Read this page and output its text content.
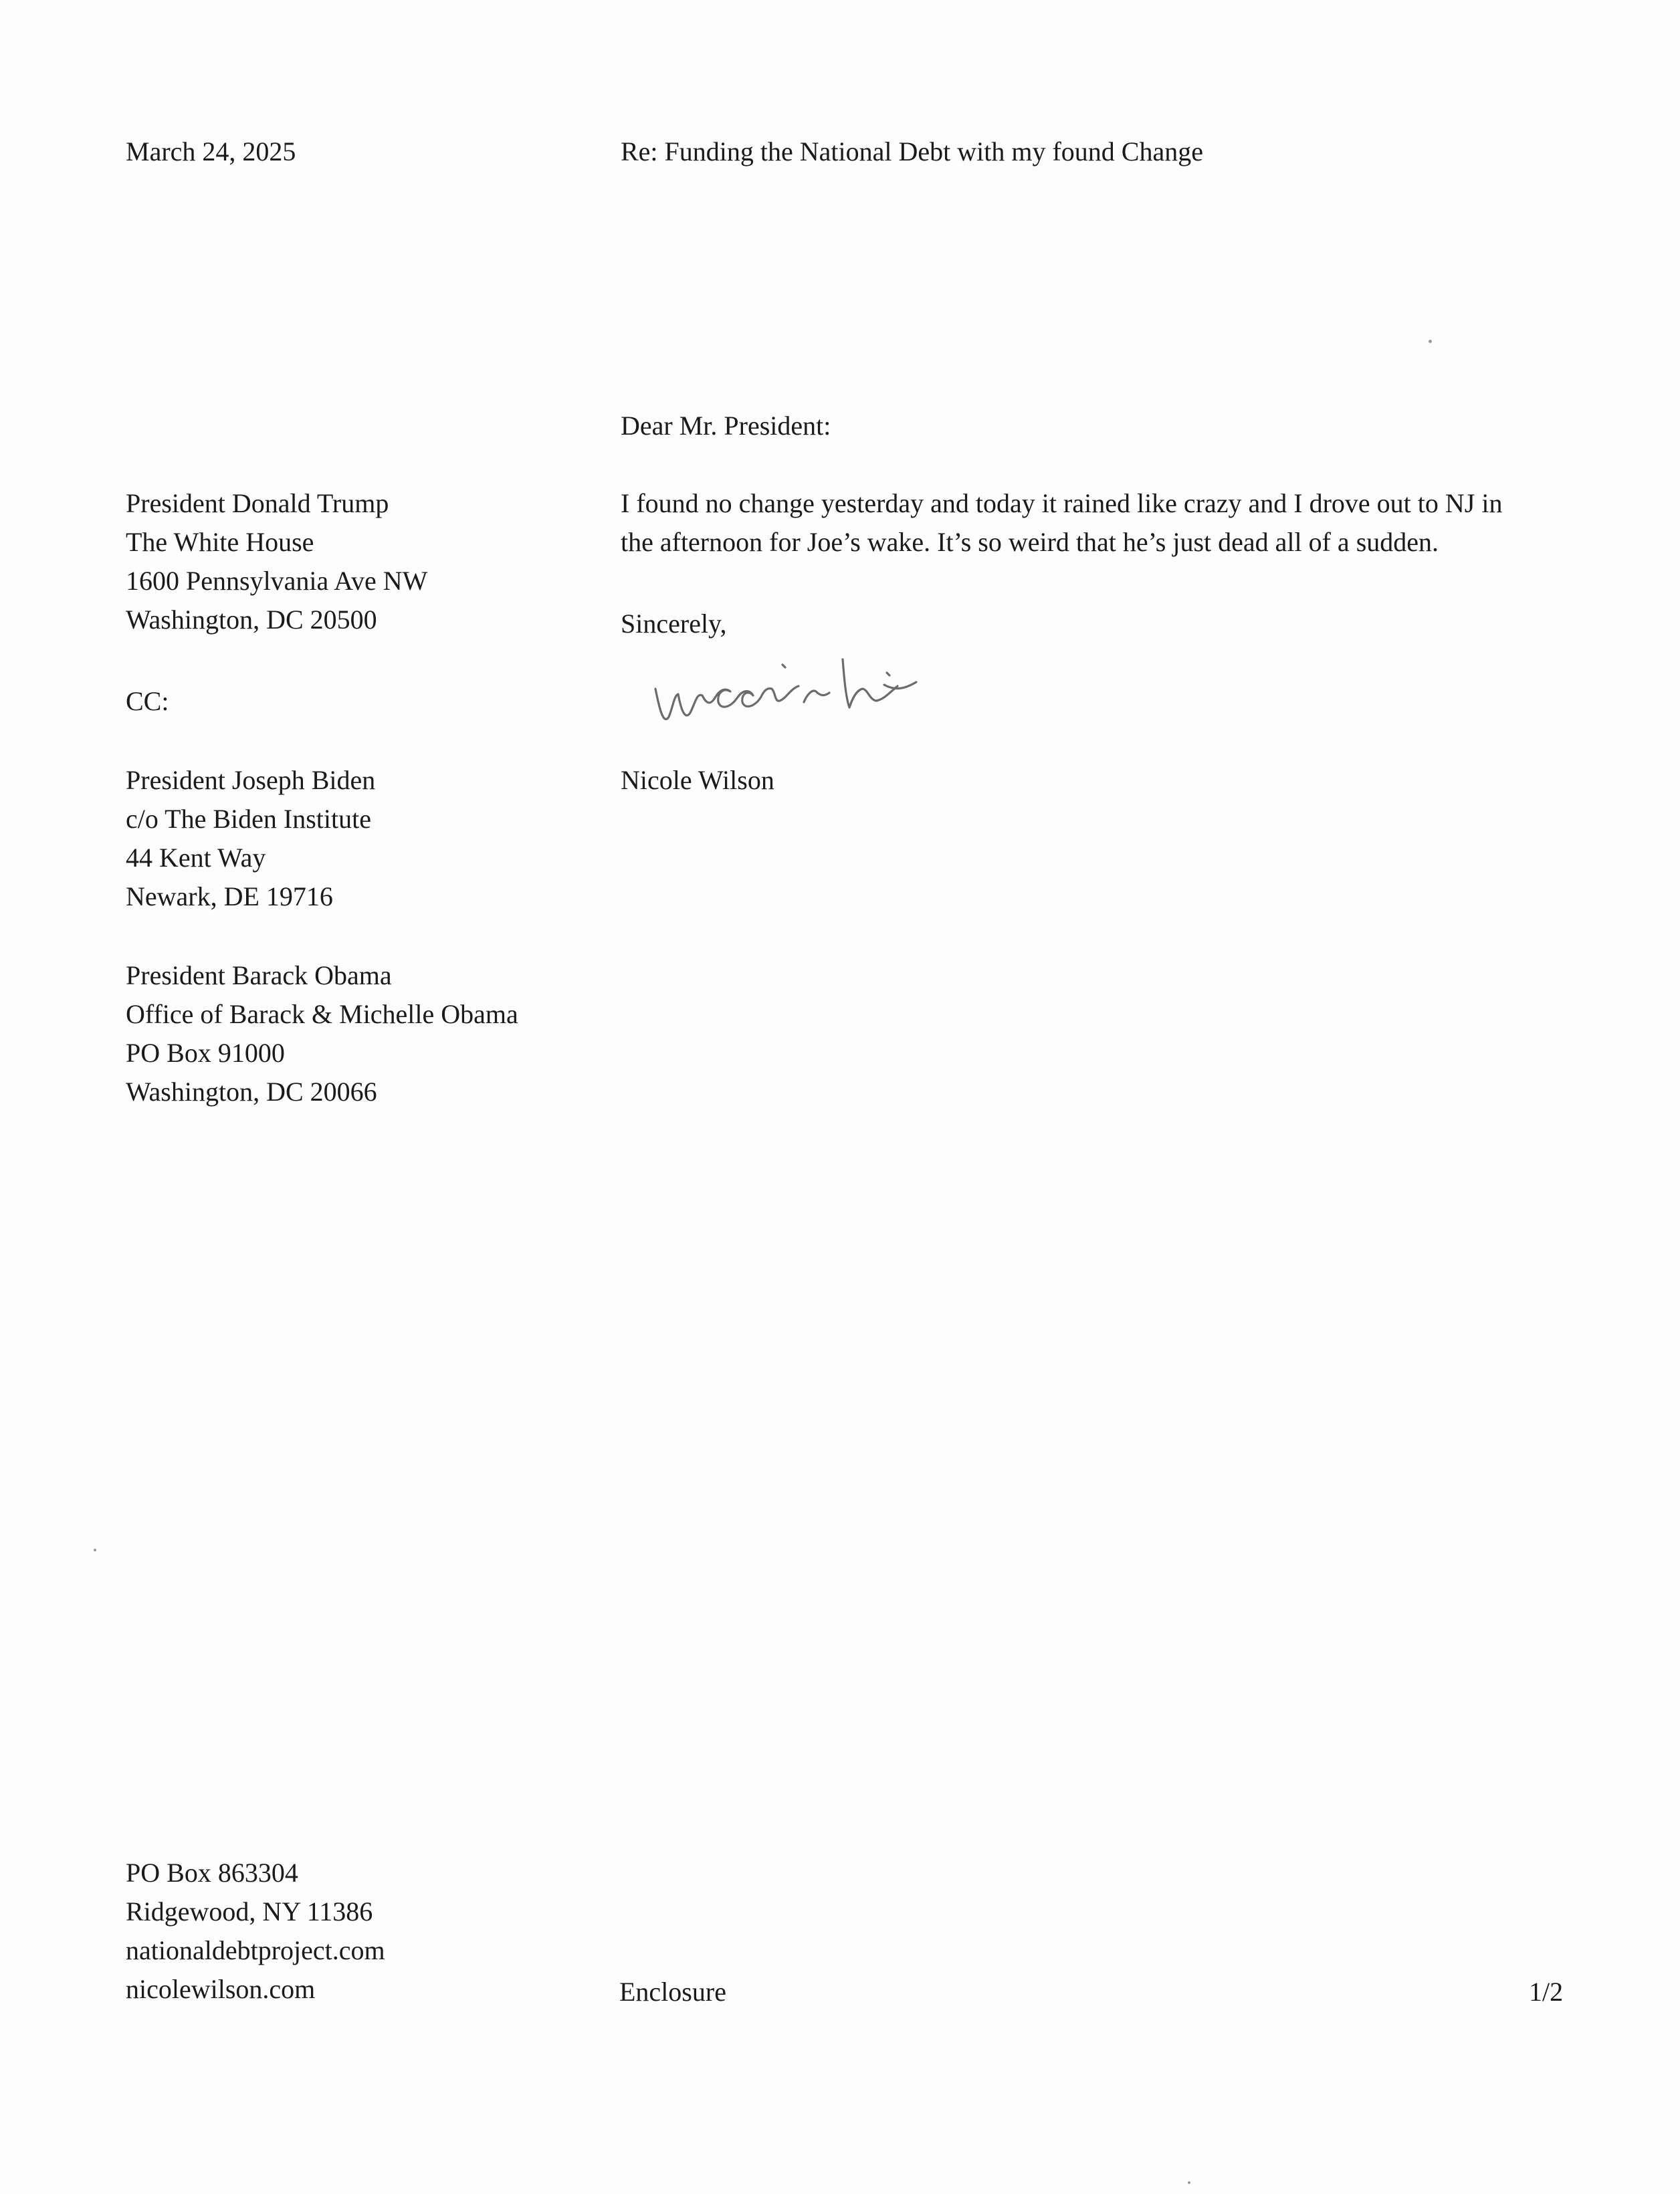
March 24, 2025	Re: Funding the National Debt with my found Change
Dear Mr. President:
President Donald Trump
The White House
1600 Pennsylvania Ave NW
Washington, DC 20500
I found no change yesterday and today it rained like crazy and I drove out to NJ in
the afternoon for Joe’s wake. It’s so weird that he’s just dead all of a sudden.
Sincerely,
Nicole Wilson
CC:
President Joseph Biden
c/o The Biden Institute
44 Kent Way
Newark, DE 19716
President Barack Obama
Office of Barack & Michelle Obama
PO Box 91000
Washington, DC 20066
PO Box 863304
Ridgewood, NY 11386
nationaldebtproject.com
nicolewilson.com	Enclosure	1/2
